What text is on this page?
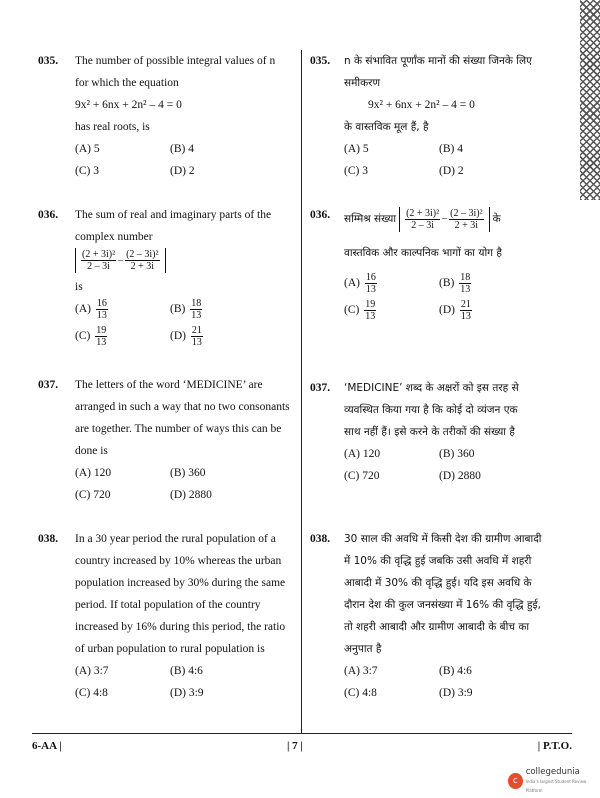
035. The number of possible integral values of n
for which the equation
9x² + 6nx + 2n² – 4 = 0
has real roots, is
(A) 5	(B) 4
(C) 3	(D) 2
035. n के संभावित पूर्णांक मानों की संख्या जिनके लिए
समीकरण
9x² + 6nx + 2n² – 4 = 0
के वास्तविक मूल हैं, है
(A) 5	(B) 4
(C) 3	(D) 2
036. The sum of real and imaginary parts of the
complex number
$\frac{\text{(2 + 3i)²}}{2 - 3i} - \frac{\text{(2 – 3i)²}}{2 + 3i}$
is
$(A) \frac{16}{13}$	$(B) \frac{18}{13}$
$(C) \frac{19}{13}$	$(D) \frac{21}{13}$
036. सम्मिश्र संख्या $\frac{\text{(2 + 3i)²}}{2 - 3i} - \frac{\text{(2 – 3i)²}}{2 + 3i}$ के
वास्तविक और काल्पनिक भागों का योग है
$(A) \frac{16}{13}$	$(B) \frac{18}{13}$
$(C) \frac{19}{13}$	$(D) \frac{21}{13}$
037. The letters of the word ‘MEDICINE’ are
arranged in such a way that no two consonants
are together. The number of ways this can be
done is
(A) 120	(B) 360
(C) 720	(D) 2880
037. ‘MEDICINE’ शब्द के अक्षरों को इस तरह से
व्यवस्थित किया गया है कि कोई दो व्यंजन एक
साथ नहीं हैं। इसे करने के तरीकों की संख्या है
(A) 120	(B) 360
(C) 720	(D) 2880
038. In a 30 year period the rural population of a
country increased by 10% whereas the urban
population increased by 30% during the same
period. If total population of the country
increased by 16% during this period, the ratio
of urban population to rural population is
(A) 3:7	(B) 4:6
(C) 4:8	(D) 3:9
038. 30 साल की अवधि में किसी देश की ग्रामीण आबादी
में 10% की वृद्धि हुई जबकि उसी अवधि में शहरी
आबादी में 30% की वृद्धि हुई। यदि इस अवधि के
दौरान देश की कुल जनसंख्या में 16% की वृद्धि हुई,
तो शहरी आबादी और ग्रामीण आबादी के बीच का
अनुपात है
(A) 3:7	(B) 4:6
(C) 4:8	(D) 3:9
6-AA |	| 7 |	| P.T.O.
c
collegedunia
India's largest Student Review Platform
